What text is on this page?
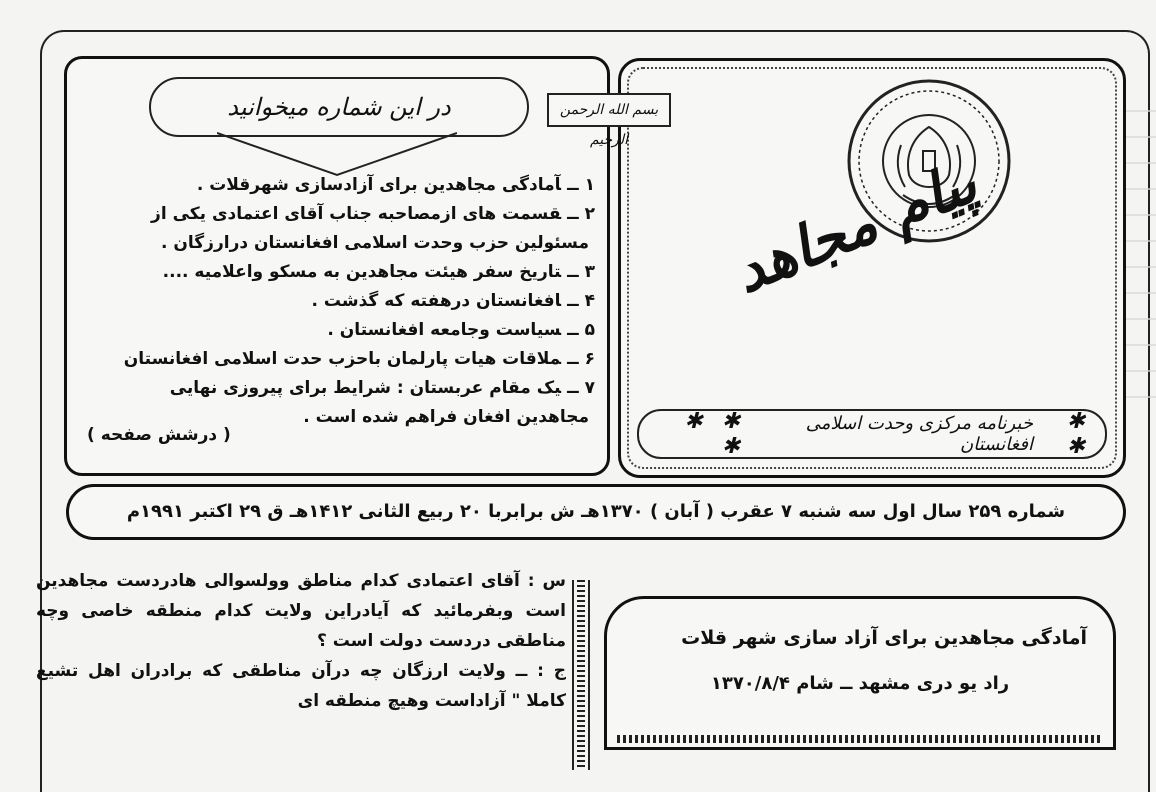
پیام مجاهد
✱ ✱
خبرنامه مرکزی وحدت اسلامی افغانستان
✱ ✱ ✱
بسم الله الرحمن الرحیم
در این شماره میخوانید
۱ ــآمادگی مجاهدین برای آزادسازی شهرقلات .
۲ ــقسمت های ازمصاحبه جناب آقای اعتمادی یکی از
مسئولین حزب وحدت اسلامی افغانستان درارزگان .
۳ ــتاریخ سفر هیئت مجاهدین به مسکو واعلامیه ....
۴ ــافغانستان درهفته که گذشت .
۵ ــسیاست وجامعه افغانستان .
۶ ــملاقات هیات پارلمان باحزب حدت اسلامی افغانستان
۷ ــیک مقام عربستان : شرایط برای پیروزی نهایی
مجاهدین افغان فراهم شده است .
( درشش صفحه )
شماره ۲۵۹ سال اول سه شنبه ۷ عقرب ( آبان ) ۱۳۷۰هـ ش برابربا ۲۰ ربیع الثانی ۱۴۱۲هـ ق ۲۹ اکتبر ۱۹۹۱م

س : آقای اعتمادی کدام مناطق وولسوالی هادردست مجاهدین است وبفرمائید که آیادراین ولایت کدام منطقه خاصی وچه مناطقی دردست دولت است ؟

ج : ــ ولایت ارزگان چه درآن مناطقی که برادران اهل تشیع کاملا " آزاداست وهیچ منطقه ای

آمادگی مجاهدین برای آزاد سازی شهر قلات
راد یو دری مشهد ــ شام ۱۳۷۰/۸/۴
